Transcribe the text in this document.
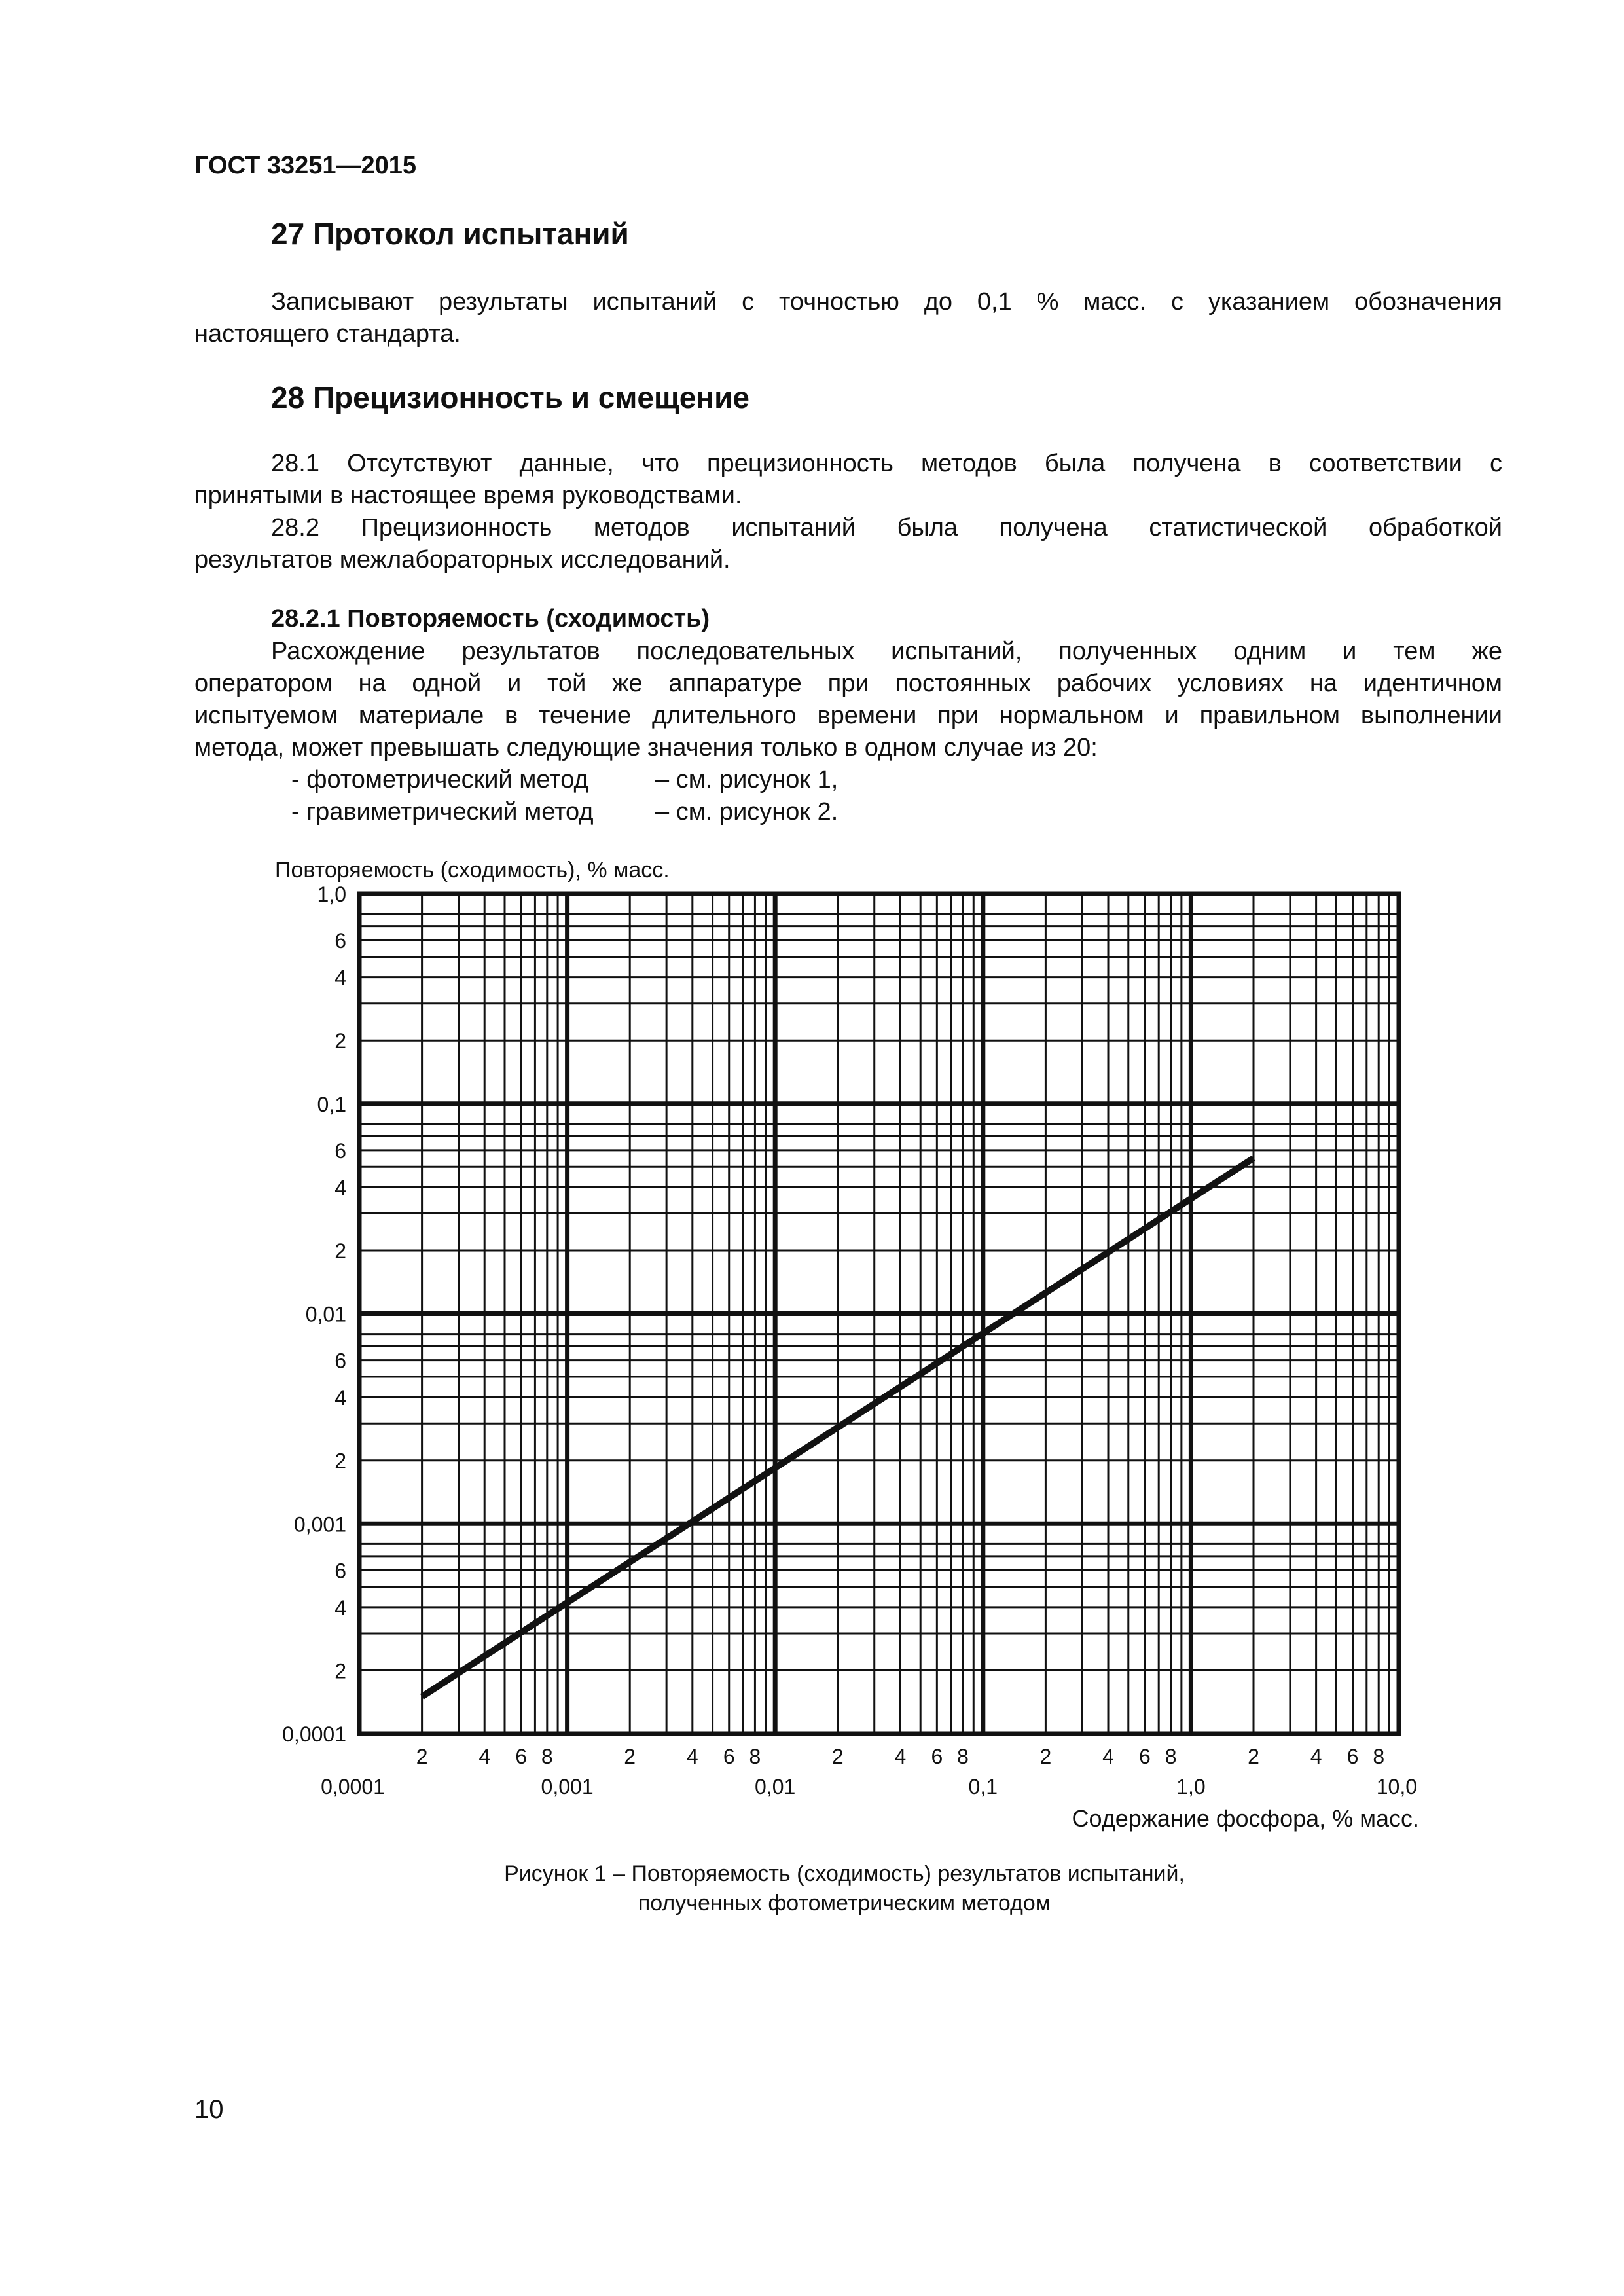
ГОСТ 33251—2015
27 Протокол испытаний
Записывают результаты испытаний с точностью до 0,1 % масс. с указанием обозначения
настоящего стандарта.
28 Прецизионность и смещение
28.1 Отсутствуют данные, что прецизионность методов была получена в соответствии с
принятыми в настоящее время руководствами.
28.2 Прецизионность методов испытаний была получена статистической обработкой
результатов межлабораторных исследований.
28.2.1 Повторяемость (сходимость)
Расхождение результатов последовательных испытаний, полученных одним и тем же
оператором на одной и той же аппаратуре при постоянных рабочих условиях на идентичном
испытуемом материале в течение длительного времени при нормальном и правильном выполнении
метода, может превышать следующие значения только в одном случае из 20:
- фотометрический метод	– см. рисунок 1,
- гравиметрический метод – см. рисунок 2.
Повторяемость (сходимость), % масс.
Содержание фосфора, % масс.
0,0001
2
4
6
0,001
2
4
6
0,01
2
4
6
0,1
2
4
6
1,0
0,0001
2 4 6 8
0,001
2 4 6 8
0,01
2 4 6 8
0,1
2 4 6 8
1,0
2 4 6 8
10,0
Рисунок 1 – Повторяемость (сходимость) результатов испытаний,
полученных фотометрическим методом
10
